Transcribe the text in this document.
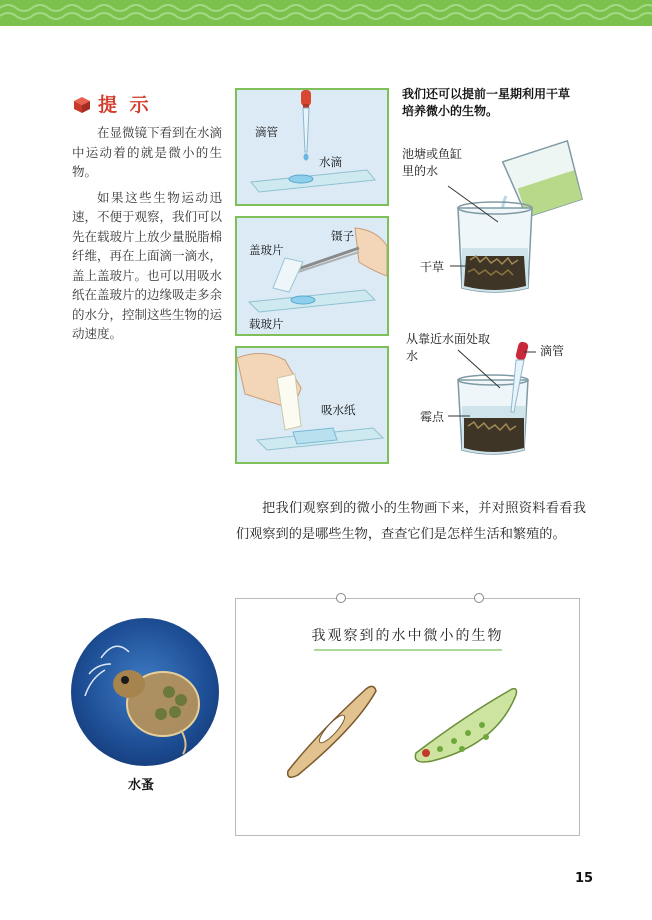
提 示

在显微镜下看到在水滴中运动着的就是微小的生物。

如果这些生物运动迅速，不便于观察，我们可以先在载玻片上放少量脱脂棉纤维，再在上面滴一滴水，盖上盖玻片。也可以用吸水纸在盖玻片的边缘吸走多余的水分，控制这些生物的运动速度。

滴管
水滴
镊子
盖玻片
载玻片
吸水纸
我们还可以提前一星期利用干草培养微小的生物。
池塘或鱼缸里的水
干草
从靠近水面处取水	滴管
霉点

把我们观察到的微小的生物画下来，并对照资料看看我们观察到的是哪些生物，查查它们是怎样生活和繁殖的。

水蚤
我观察到的水中微小的生物
15
